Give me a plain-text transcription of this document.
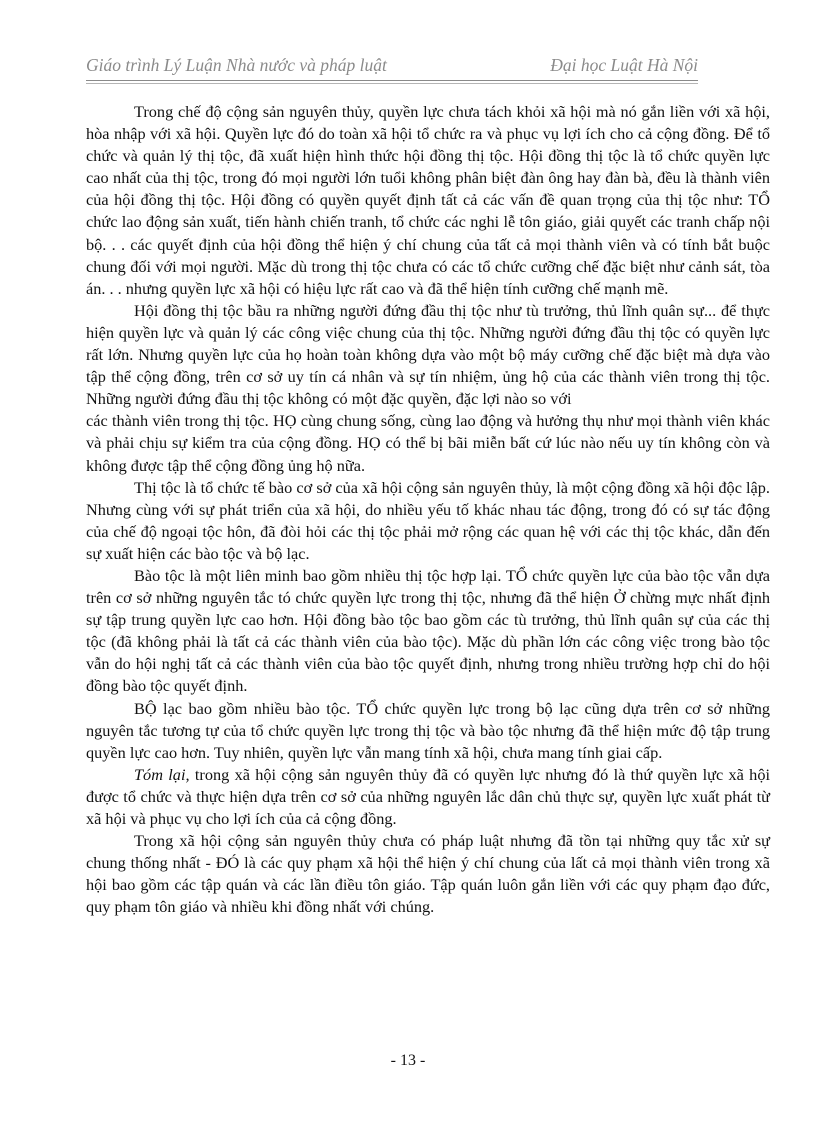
Giáo trình Lý Luận Nhà nước và pháp luật	Đại học Luật Hà Nội

Trong chế độ cộng sản nguyên thủy, quyền lực chưa tách khỏi xã hội mà nó gắn liền với xã hội, hòa nhập với xã hội. Quyền lực đó do toàn xã hội tổ chức ra và phục vụ lợi ích cho cả cộng đồng. Để tổ chức và quản lý thị tộc, đã xuất hiện hình thức hội đồng thị tộc. Hội đồng thị tộc là tổ chức quyền lực cao nhất của thị tộc, trong đó mọi người lớn tuổi không phân biệt đàn ông hay đàn bà, đều là thành viên của hội đồng thị tộc. Hội đồng có quyền quyết định tất cả các vấn đề quan trọng của thị tộc như: TỔ chức lao động sản xuất, tiến hành chiến tranh, tổ chức các nghi lễ tôn giáo, giải quyết các tranh chấp nội bộ. . . các quyết định của hội đồng thể hiện ý chí chung của tất cả mọi thành viên và có tính bắt buộc chung đối với mọi người. Mặc dù trong thị tộc chưa có các tổ chức cưỡng chế đặc biệt như cảnh sát, tòa án. . . nhưng quyền lực xã hội có hiệu lực rất cao và đã thể hiện tính cưỡng chế mạnh mẽ.

Hội đồng thị tộc bầu ra những người đứng đầu thị tộc như tù trưởng, thủ lĩnh quân sự... để thực hiện quyền lực và quản lý các công việc chung của thị tộc. Những người đứng đầu thị tộc có quyền lực rất lớn. Nhưng quyền lực của họ hoàn toàn không dựa vào một bộ máy cưỡng chế đặc biệt mà dựa vào tập thể cộng đồng, trên cơ sở uy tín cá nhân và sự tín nhiệm, ủng hộ của các thành viên trong thị tộc. Những người đứng đầu thị tộc không có một đặc quyền, đặc lợi nào so với

các thành viên trong thị tộc. HỌ cùng chung sống, cùng lao động và hưởng thụ như mọi thành viên khác và phải chịu sự kiểm tra của cộng đồng. HỌ có thể bị bãi miễn bất cứ lúc nào nếu uy tín không còn và không được tập thể cộng đồng ủng hộ nữa.

Thị tộc là tổ chức tế bào cơ sở của xã hội cộng sản nguyên thủy, là một cộng đồng xã hội độc lập. Nhưng cùng với sự phát triển của xã hội, do nhiều yếu tố khác nhau tác động, trong đó có sự tác động của chế độ ngoại tộc hôn, đã đòi hỏi các thị tộc phải mở rộng các quan hệ với các thị tộc khác, dẫn đến sự xuất hiện các bào tộc và bộ lạc.

Bào tộc là một liên minh bao gồm nhiều thị tộc hợp lại. TỔ chức quyền lực của bào tộc vẫn dựa trên cơ sở những nguyên tắc tó chức quyền lực trong thị tộc, nhưng đã thể hiện Ở chừng mực nhất định sự tập trung quyền lực cao hơn. Hội đồng bào tộc bao gồm các tù trưởng, thủ lĩnh quân sự của các thị tộc (đã không phải là tất cả các thành viên của bào tộc). Mặc dù phần lớn các công việc trong bào tộc vẫn do hội nghị tất cả các thành viên của bào tộc quyết định, nhưng trong nhiều trường hợp chỉ do hội đồng bào tộc quyết định.

BỘ lạc bao gồm nhiều bào tộc. TỔ chức quyền lực trong bộ lạc cũng dựa trên cơ sở những nguyên tắc tương tự của tổ chức quyền lực trong thị tộc và bào tộc nhưng đã thể hiện mức độ tập trung quyền lực cao hơn. Tuy nhiên, quyền lực vẫn mang tính xã hội, chưa mang tính giai cấp.

Tóm lại, trong xã hội cộng sản nguyên thủy đã có quyền lực nhưng đó là thứ quyền lực xã hội được tổ chức và thực hiện dựa trên cơ sở của những nguyên lắc dân chủ thực sự, quyền lực xuất phát từ xã hội và phục vụ cho lợi ích của cả cộng đồng.

Trong xã hội cộng sản nguyên thủy chưa có pháp luật nhưng đã tồn tại những quy tắc xử sự chung thống nhất - ĐÓ là các quy phạm xã hội thể hiện ý chí chung của lất cả mọi thành viên trong xã hội bao gồm các tập quán và các lần điều tôn giáo. Tập quán luôn gắn liền với các quy phạm đạo đức, quy phạm tôn giáo và nhiều khi đồng nhất với chúng.

- 13 -
